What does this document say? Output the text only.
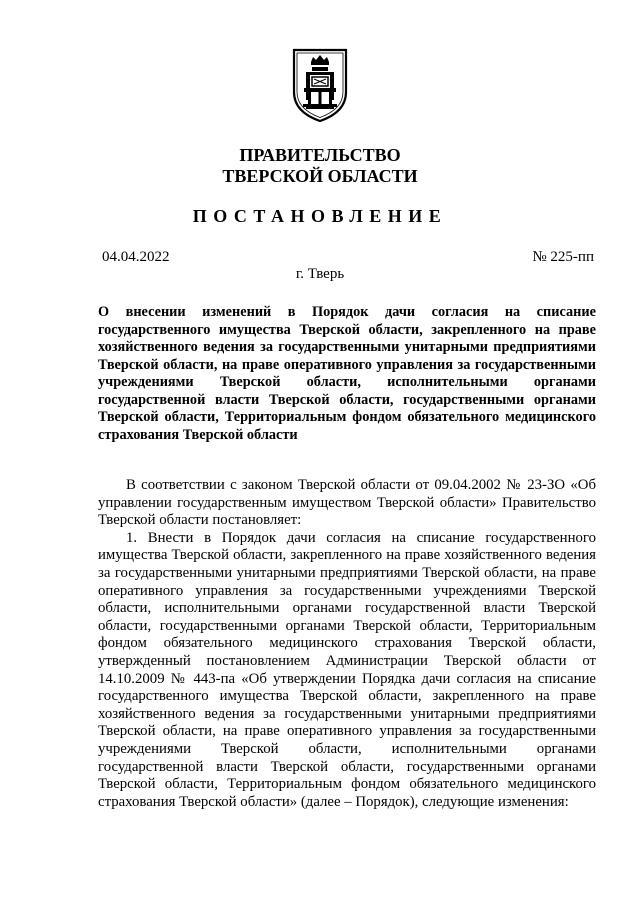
ПРАВИТЕЛЬСТВО
ТВЕРСКОЙ ОБЛАСТИ
ПОСТАНОВЛЕНИЕ
04.04.2022	№ 225-пп
г. Тверь
О внесении изменений в Порядок дачи согласия на списание государственного имущества Тверской области, закрепленного на праве хозяйственного ведения за государственными унитарными предприятиями Тверской области, на праве оперативного управления за государственными учреждениями Тверской области, исполнительными органами государственной власти Тверской области, государственными органами Тверской области, Территориальным фондом обязательного медицинского страхования Тверской области

В соответствии с законом Тверской области от 09.04.2002 № 23-ЗО «Об управлении государственным имуществом Тверской области» Правительство Тверской области постановляет:

1. Внести в Порядок дачи согласия на списание государственного имущества Тверской области, закрепленного на праве хозяйственного ведения за государственными унитарными предприятиями Тверской области, на праве оперативного управления за государственными учреждениями Тверской области, исполнительными органами государственной власти Тверской области, государственными органами Тверской области, Территориальным фондом обязательного медицинского страхования Тверской области, утвержденный постановлением Администрации Тверской области от 14.10.2009 № 443-па «Об утверждении Порядка дачи согласия на списание государственного имущества Тверской области, закрепленного на праве хозяйственного ведения за государственными унитарными предприятиями Тверской области, на праве оперативного управления за государственными учреждениями Тверской области, исполнительными органами государственной власти Тверской области, государственными органами Тверской области, Территориальным фондом обязательного медицинского страхования Тверской области» (далее – Порядок), следующие изменения:
